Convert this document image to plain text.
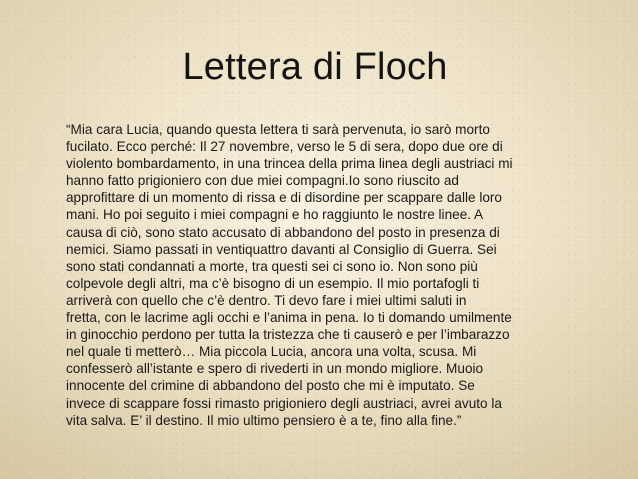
Lettera di Floch
“Mia cara Lucia, quando questa lettera ti sarà pervenuta, io sarò morto
fucilato. Ecco perché: Il 27 novembre, verso le 5 di sera, dopo due ore di
violento bombardamento, in una trincea della prima linea degli austriaci mi
hanno fatto prigioniero con due miei compagni.Io sono riuscito ad
approfittare di un momento di rissa e di disordine per scappare dalle loro
mani. Ho poi seguito i miei compagni e ho raggiunto le nostre linee. A
causa di ciò, sono stato accusato di abbandono del posto in presenza di
nemici. Siamo passati in ventiquattro davanti al Consiglio di Guerra. Sei
sono stati condannati a morte, tra questi sei ci sono io. Non sono più
colpevole degli altri, ma c’è bisogno di un esempio. Il mio portafogli ti
arriverà con quello che c’è dentro. Ti devo fare i miei ultimi saluti in
fretta, con le lacrime agli occhi e l’anima in pena. Io ti domando umilmente
in ginocchio perdono per tutta la tristezza che ti causerò e per l’imbarazzo
nel quale ti metterò… Mia piccola Lucia, ancora una volta, scusa. Mi
confesserò all’istante e spero di rivederti in un mondo migliore. Muoio
innocente del crimine di abbandono del posto che mi è imputato. Se
invece di scappare fossi rimasto prigioniero degli austriaci, avrei avuto la
vita salva. E’ il destino. Il mio ultimo pensiero è a te, fino alla fine.”
